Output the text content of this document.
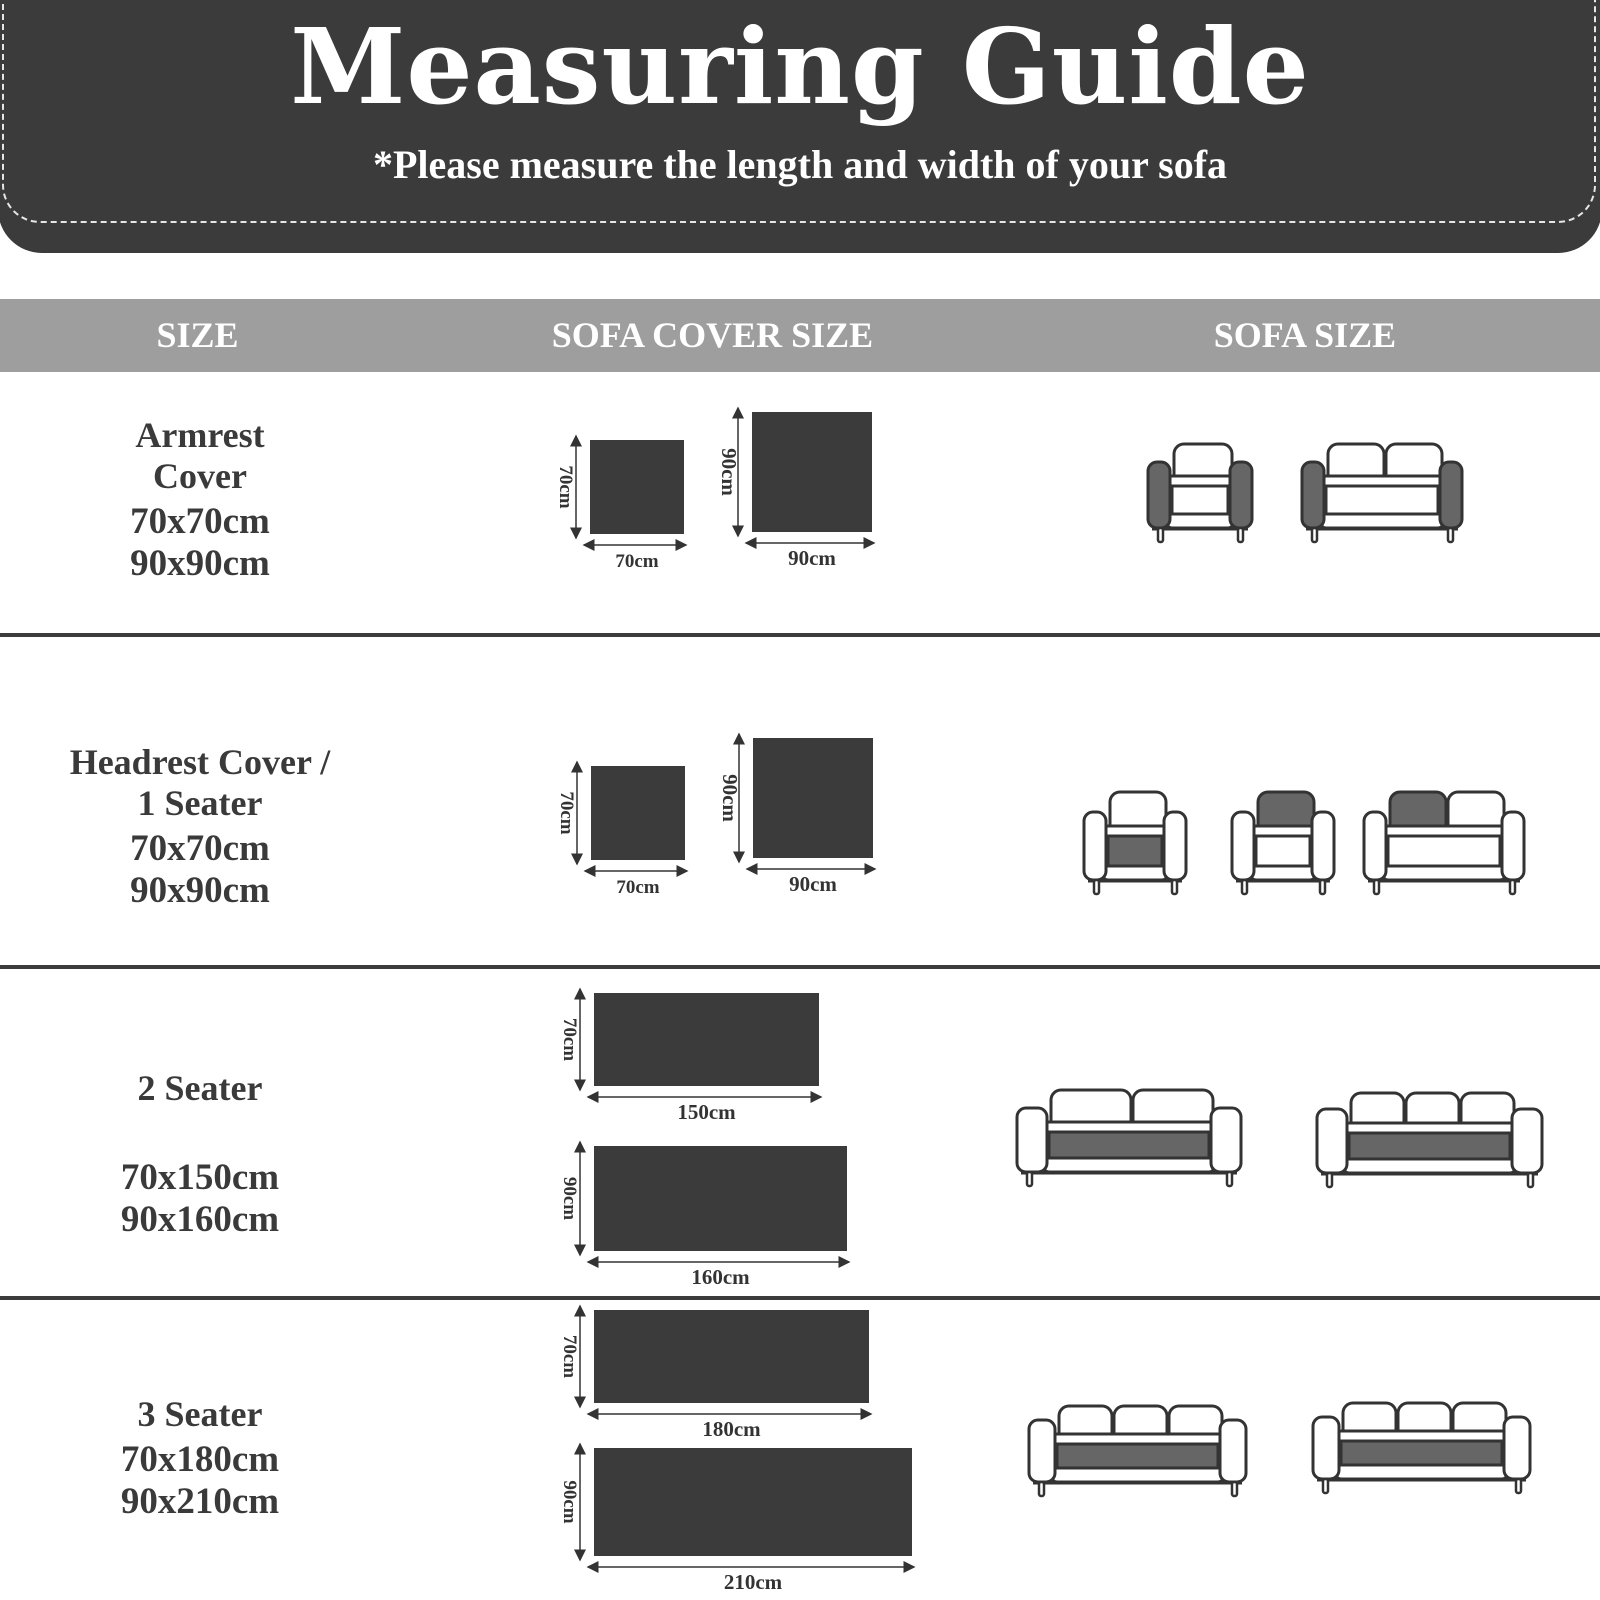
Measuring Guide
*Please measure the length and width of your sofa
SIZE	SOFA COVER SIZE	SOFA SIZE
Armrest
Cover
70x70cm
90x90cm
Headrest Cover /
1 Seater
70x70cm
90x90cm
2 Seater
70x150cm
90x160cm
3 Seater
70x180cm
90x210cm
70cm
70cm
90cm
90cm
70cm
70cm
90cm
90cm
150cm
70cm
160cm
90cm
180cm
70cm
210cm
90cm
